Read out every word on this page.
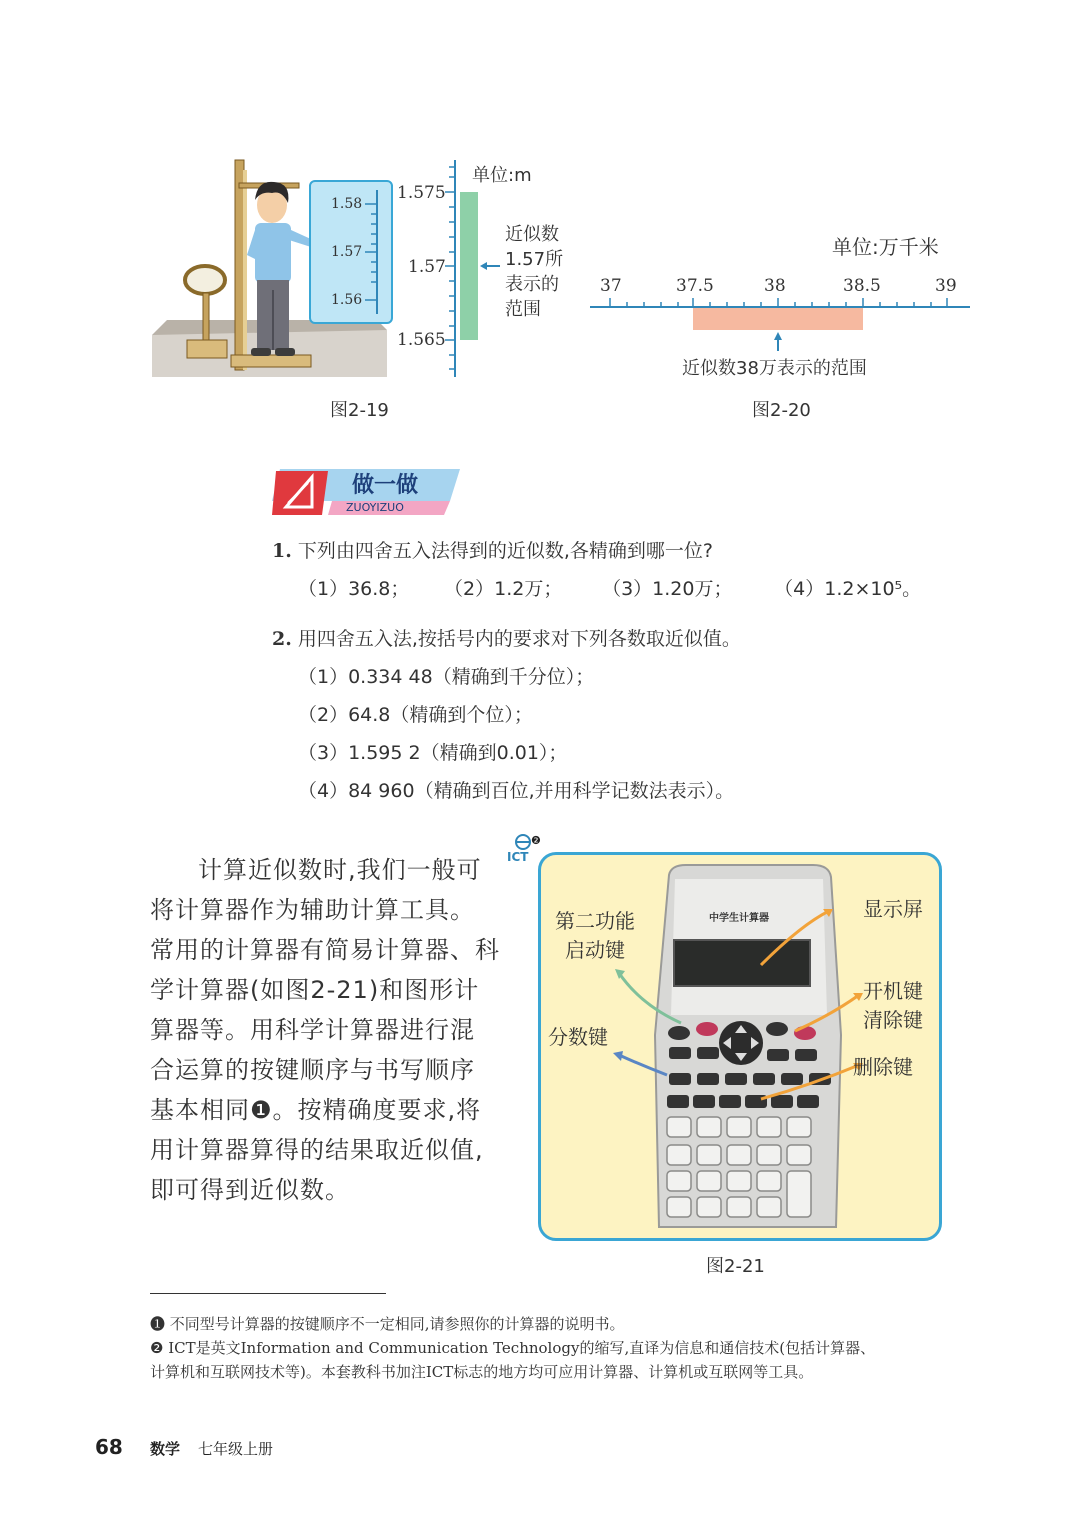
1.58
1.57
1.56
1.575
1.57
1.565
单位:m
近似数
1.57所
表示的
范围
图2-19
单位:万千米
37	37.5	38	38.5	39
近似数38万表示的范围
图2-20
做一做
ZUOYIZUO
1. 下列由四舍五入法得到的近似数,各精确到哪一位?
（1）36.8； （2）1.2万； （3）1.20万； （4）1.2×10⁵。
2. 用四舍五入法,按括号内的要求对下列各数取近似值。
（1）0.334 48（精确到千分位）；
（2）64.8（精确到个位）；
（3）1.595 2（精确到0.01）；
（4）84 960（精确到百位,并用科学记数法表示）。
计算近似数时,我们一般可
将计算器作为辅助计算工具。
常用的计算器有简易计算器、科
学计算器(如图2-21)和图形计
算器等。用科学计算器进行混
合运算的按键顺序与书写顺序
基本相同❶。按精确度要求,将
用计算器算得的结果取近似值,
即可得到近似数。
ICT
❷
中学生计算器
第二功能
启动键
分数键
显示屏
开机键
清除键
删除键
图2-21
❶ 不同型号计算器的按键顺序不一定相同,请参照你的计算器的说明书。
❷ ICT是英文Information and Communication Technology的缩写,直译为信息和通信技术(包括计算器、
计算机和互联网技术等)。本套教科书加注ICT标志的地方均可应用计算器、计算机或互联网等工具。
68 数学 七年级上册
